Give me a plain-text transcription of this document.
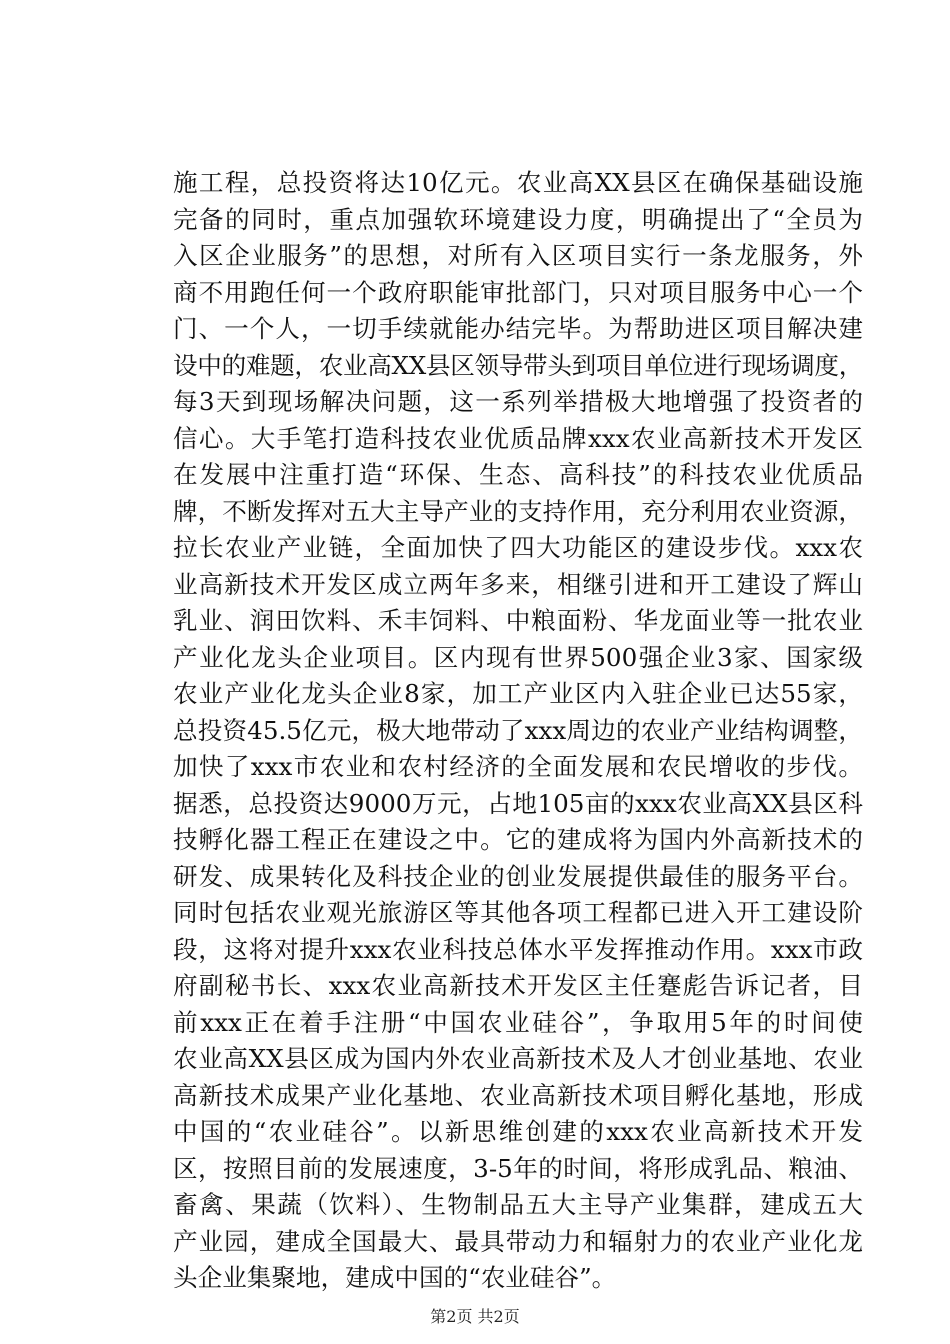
施工程，总投资将达10亿元。农业高XX县区在确保基础设施
完备的同时，重点加强软环境建设力度，明确提出了“全员为
入区企业服务”的思想，对所有入区项目实行一条龙服务，外
商不用跑任何一个政府职能审批部门，只对项目服务中心一个
门、一个人，一切手续就能办结完毕。为帮助进区项目解决建
设中的难题，农业高XX县区领导带头到项目单位进行现场调度，
每3天到现场解决问题，这一系列举措极大地增强了投资者的
信心。大手笔打造科技农业优质品牌xxx农业高新技术开发区
在发展中注重打造“环保、生态、高科技”的科技农业优质品
牌，不断发挥对五大主导产业的支持作用，充分利用农业资源，
拉长农业产业链，全面加快了四大功能区的建设步伐。xxx农
业高新技术开发区成立两年多来，相继引进和开工建设了辉山
乳业、润田饮料、禾丰饲料、中粮面粉、华龙面业等一批农业
产业化龙头企业项目。区内现有世界500强企业3家、国家级
农业产业化龙头企业8家，加工产业区内入驻企业已达55家，
总投资45.5亿元，极大地带动了xxx周边的农业产业结构调整，
加快了xxx市农业和农村经济的全面发展和农民增收的步伐。
据悉，总投资达9000万元，占地105亩的xxx农业高XX县区科
技孵化器工程正在建设之中。它的建成将为国内外高新技术的
研发、成果转化及科技企业的创业发展提供最佳的服务平台。
同时包括农业观光旅游区等其他各项工程都已进入开工建设阶
段，这将对提升xxx农业科技总体水平发挥推动作用。xxx市政
府副秘书长、xxx农业高新技术开发区主任蹇彪告诉记者，目
前xxx正在着手注册“中国农业硅谷”，争取用5年的时间使
农业高XX县区成为国内外农业高新技术及人才创业基地、农业
高新技术成果产业化基地、农业高新技术项目孵化基地，形成
中国的“农业硅谷”。以新思维创建的xxx农业高新技术开发
区，按照目前的发展速度，3-5年的时间，将形成乳品、粮油、
畜禽、果蔬（饮料）、生物制品五大主导产业集群，建成五大
产业园，建成全国最大、最具带动力和辐射力的农业产业化龙
头企业集聚地，建成中国的“农业硅谷”。
第2页 共2页
